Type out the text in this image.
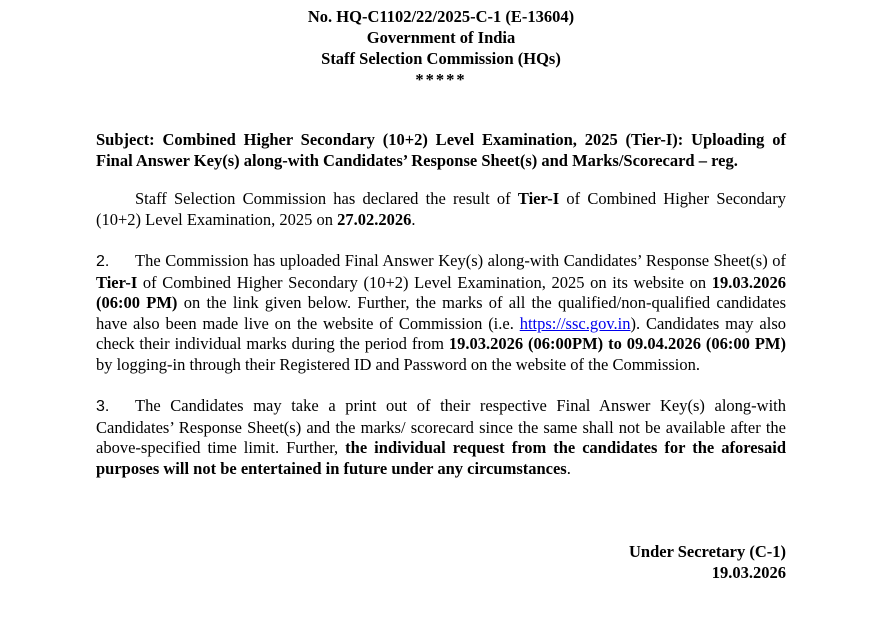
No. HQ-C1102/22/2025-C-1 (E-13604)
Government of India
Staff Selection Commission (HQs)
*****

Subject: Combined Higher Secondary (10+2) Level Examination, 2025 (Tier-I): Uploading of Final Answer Key(s) along-with Candidates’ Response Sheet(s) and Marks/Scorecard – reg.

Staff Selection Commission has declared the result of Tier-I of Combined Higher Secondary (10+2) Level Examination, 2025 on 27.02.2026.

2. The Commission has uploaded Final Answer Key(s) along-with Candidates’ Response Sheet(s) of Tier-I of Combined Higher Secondary (10+2) Level Examination, 2025 on its website on 19.03.2026 (06:00 PM) on the link given below. Further, the marks of all the qualified/non-qualified candidates have also been made live on the website of Commission (i.e. https://ssc.gov.in). Candidates may also check their individual marks during the period from 19.03.2026 (06:00PM) to 09.04.2026 (06:00 PM) by logging-in through their Registered ID and Password on the website of the Commission.

3. The Candidates may take a print out of their respective Final Answer Key(s) along-with Candidates’ Response Sheet(s) and the marks/ scorecard since the same shall not be available after the above-specified time limit. Further, the individual request from the candidates for the aforesaid purposes will not be entertained in future under any circumstances.

Under Secretary (C-1)
19.03.2026
